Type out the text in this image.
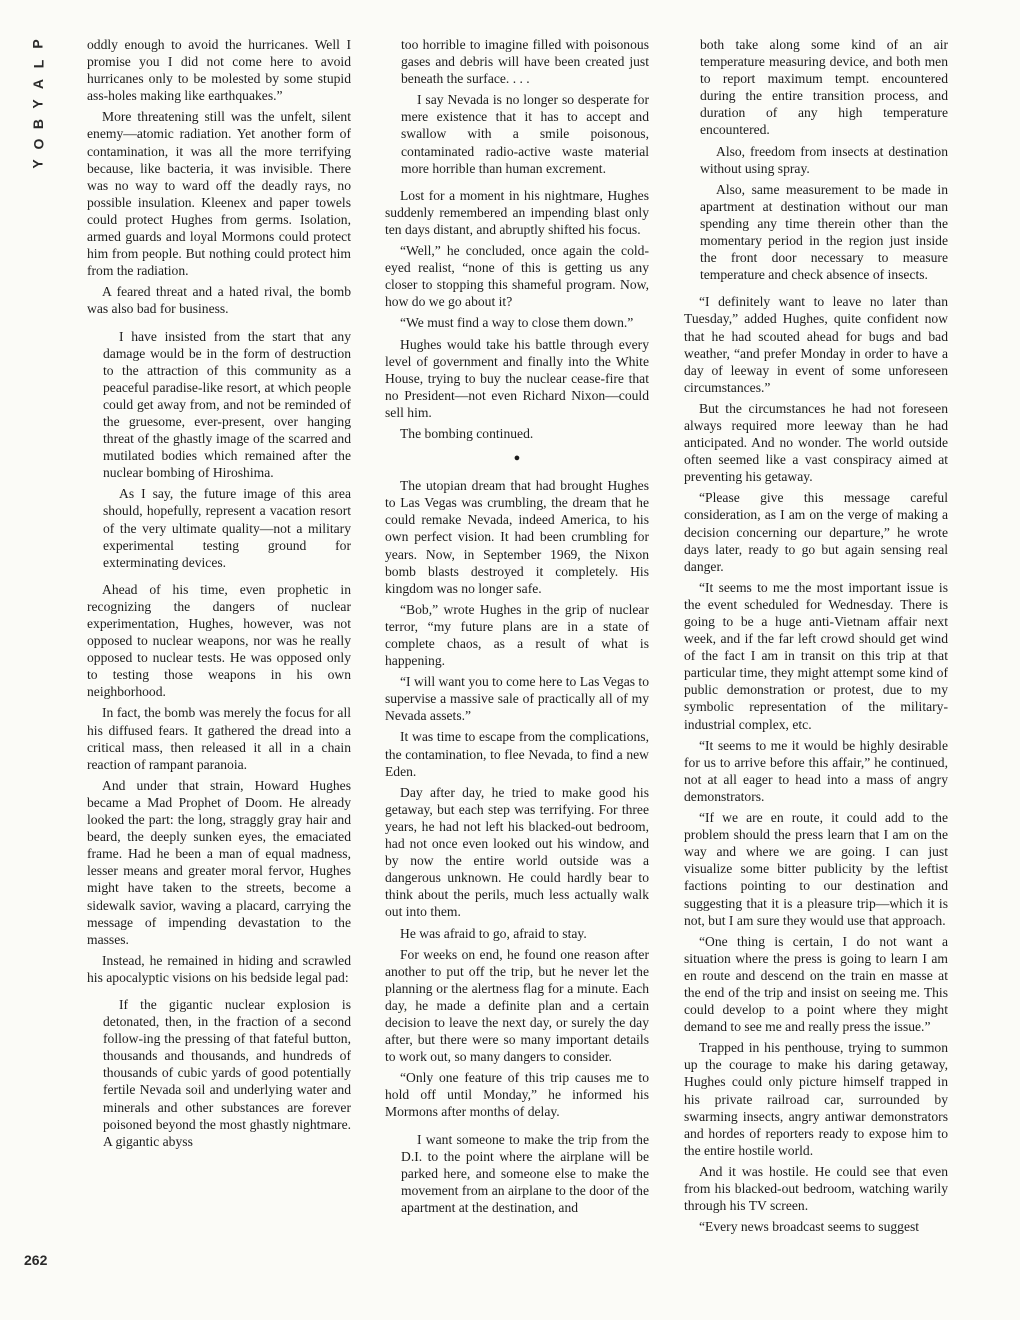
P
L
A
Y
B
O
Y

oddly enough to avoid the hurricanes. Well I promise you I did not come here to avoid hurricanes only to be molested by some stupid ass-holes making like earthquakes.”

More threatening still was the unfelt, silent enemy—atomic radiation. Yet another form of contamination, it was all the more terrifying because, like bacteria, it was invisible. There was no way to ward off the deadly rays, no possible insulation. Kleenex and paper towels could protect Hughes from germs. Isolation, armed guards and loyal Mormons could protect him from people. But nothing could protect him from the radiation.

A feared threat and a hated rival, the bomb was also bad for business.

I have insisted from the start that any damage would be in the form of destruction to the attraction of this community as a peaceful paradise-like resort, at which people could get away from, and not be reminded of the gruesome, ever-present, over hanging threat of the ghastly image of the scarred and mutilated bodies which remained after the nuclear bombing of Hiroshima.

As I say, the future image of this area should, hopefully, represent a vacation resort of the very ultimate quality—not a military experimental testing ground for exterminating devices.

Ahead of his time, even prophetic in recognizing the dangers of nuclear experimentation, Hughes, however, was not opposed to nuclear weapons, nor was he really opposed to nuclear tests. He was opposed only to testing those weapons in his own neighborhood.

In fact, the bomb was merely the focus for all his diffused fears. It gathered the dread into a critical mass, then released it all in a chain reaction of rampant paranoia.

And under that strain, Howard Hughes became a Mad Prophet of Doom. He already looked the part: the long, straggly gray hair and beard, the deeply sunken eyes, the emaciated frame. Had he been a man of equal madness, lesser means and greater moral fervor, Hughes might have taken to the streets, become a sidewalk savior, waving a placard, carrying the message of impending devastation to the masses.

Instead, he remained in hiding and scrawled his apocalyptic visions on his bedside legal pad:

If the gigantic nuclear explosion is detonated, then, in the fraction of a second follow-ing the pressing of that fateful button, thousands and thousands, and hundreds of thousands of cubic yards of good potentially fertile Nevada soil and underlying water and minerals and other substances are forever poisoned beyond the most ghastly nightmare. A gigantic abyss

too horrible to imagine filled with poisonous gases and debris will have been created just beneath the surface. . . .

I say Nevada is no longer so desperate for mere existence that it has to accept and swallow with a smile poisonous, contaminated radio-active waste material more horrible than human excrement.

Lost for a moment in his nightmare, Hughes suddenly remembered an impending blast only ten days distant, and abruptly shifted his focus.

“Well,” he concluded, once again the cold-eyed realist, “none of this is getting us any closer to stopping this shameful program. Now, how do we go about it?

“We must find a way to close them down.”

Hughes would take his battle through every level of government and finally into the White House, trying to buy the nuclear cease-fire that no President—not even Richard Nixon—could sell him.

The bombing continued.

●

The utopian dream that had brought Hughes to Las Vegas was crumbling, the dream that he could remake Nevada, indeed America, to his own perfect vision. It had been crumbling for years. Now, in September 1969, the Nixon bomb blasts destroyed it completely. His kingdom was no longer safe.

“Bob,” wrote Hughes in the grip of nuclear terror, “my future plans are in a state of complete chaos, as a result of what is happening.

“I will want you to come here to Las Vegas to supervise a massive sale of practically all of my Nevada assets.”

It was time to escape from the complications, the contamination, to flee Nevada, to find a new Eden.

Day after day, he tried to make good his getaway, but each step was terrifying. For three years, he had not left his blacked-out bedroom, had not once even looked out his window, and by now the entire world outside was a dangerous unknown. He could hardly bear to think about the perils, much less actually walk out into them.

He was afraid to go, afraid to stay.

For weeks on end, he found one reason after another to put off the trip, but he never let the planning or the alertness flag for a minute. Each day, he made a definite plan and a certain decision to leave the next day, or surely the day after, but there were so many important details to work out, so many dangers to consider.

“Only one feature of this trip causes me to hold off until Monday,” he informed his Mormons after months of delay.

I want someone to make the trip from the D.I. to the point where the airplane will be parked here, and someone else to make the movement from an airplane to the door of the apartment at the destination, and

both take along some kind of an air temperature measuring device, and both men to report maximum tempt. encountered during the entire transition process, and duration of any high temperature encountered.

Also, freedom from insects at destination without using spray.

Also, same measurement to be made in apartment at destination without our man spending any time therein other than the momentary period in the region just inside the front door necessary to measure temperature and check absence of insects.

“I definitely want to leave no later than Tuesday,” added Hughes, quite confident now that he had scouted ahead for bugs and bad weather, “and prefer Monday in order to have a day of leeway in event of some unforeseen circumstances.”

But the circumstances he had not foreseen always required more leeway than he had anticipated. And no wonder. The world outside often seemed like a vast conspiracy aimed at preventing his getaway.

“Please give this message careful consideration, as I am on the verge of making a decision concerning our departure,” he wrote days later, ready to go but again sensing real danger.

“It seems to me the most important issue is the event scheduled for Wednesday. There is going to be a huge anti-Vietnam affair next week, and if the far left crowd should get wind of the fact I am in transit on this trip at that particular time, they might attempt some kind of public demonstration or protest, due to my symbolic representation of the military-industrial complex, etc.

“It seems to me it would be highly desirable for us to arrive before this affair,” he continued, not at all eager to head into a mass of angry demonstrators.

“If we are en route, it could add to the problem should the press learn that I am on the way and where we are going. I can just visualize some bitter publicity by the leftist factions pointing to our destination and suggesting that it is a pleasure trip—which it is not, but I am sure they would use that approach.

“One thing is certain, I do not want a situation where the press is going to learn I am en route and descend on the train en masse at the end of the trip and insist on seeing me. This could develop to a point where they might demand to see me and really press the issue.”

Trapped in his penthouse, trying to summon up the courage to make his daring getaway, Hughes could only picture himself trapped in his private railroad car, surrounded by swarming insects, angry antiwar demonstrators and hordes of reporters ready to expose him to the entire hostile world.

And it was hostile. He could see that even from his blacked-out bedroom, watching warily through his TV screen.

“Every news broadcast seems to suggest

262
